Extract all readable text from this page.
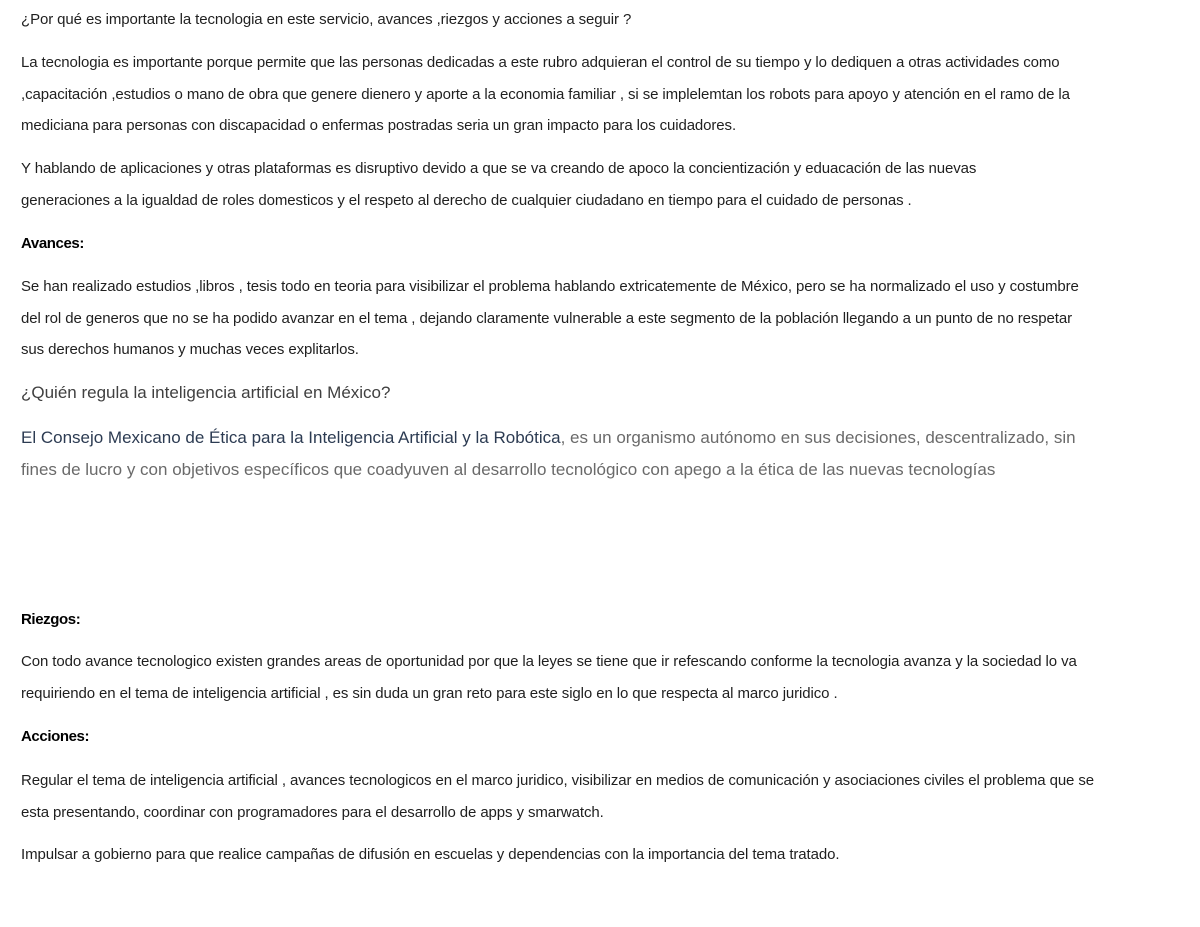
¿Por qué es importante la tecnologia en este servicio, avances ,riezgos y acciones a seguir ?

La tecnologia es importante porque permite que las personas dedicadas a este rubro adquieran el control de su tiempo y lo dediquen a otras actividades como ,capacitación ,estudios o mano de obra que genere dienero y aporte a la economia familiar , si se implelemtan los robots para apoyo y atención en el ramo de la mediciana para personas con discapacidad o enfermas postradas seria un gran impacto para los cuidadores.

Y hablando de aplicaciones y otras plataformas es disruptivo devido a que se va creando de apoco la concientización y eduacación de las nuevas generaciones a la igualdad de roles domesticos y el respeto al derecho de cualquier ciudadano en tiempo para el cuidado de personas .

Avances:

Se han realizado estudios ,libros , tesis todo en teoria para visibilizar el problema hablando extricatemente de México, pero se ha normalizado el uso y costumbre del rol de generos que no se ha podido avanzar en el tema , dejando claramente vulnerable a este segmento de la población llegando a un punto de no respetar sus derechos humanos y muchas veces explitarlos.

¿Quién regula la inteligencia artificial en México?

El Consejo Mexicano de Ética para la Inteligencia Artificial y la Robótica, es un organismo autónomo en sus decisiones, descentralizado, sin fines de lucro y con objetivos específicos que coadyuven al desarrollo tecnológico con apego a la ética de las nuevas tecnologías

Riezgos:

Con todo avance tecnologico existen grandes areas de oportunidad por que la leyes se tiene que ir refescando conforme la tecnologia avanza y la sociedad lo va requiriendo en el tema de inteligencia artificial , es sin duda un gran reto para este siglo en lo que respecta al marco juridico .

Acciones:

Regular el tema de inteligencia artificial , avances tecnologicos en el marco juridico, visibilizar en medios de comunicación y asociaciones civiles el problema que se esta presentando, coordinar con programadores para el desarrollo de apps y smarwatch.

Impulsar a gobierno para que realice campañas de difusión en escuelas y dependencias con la importancia del tema tratado.
